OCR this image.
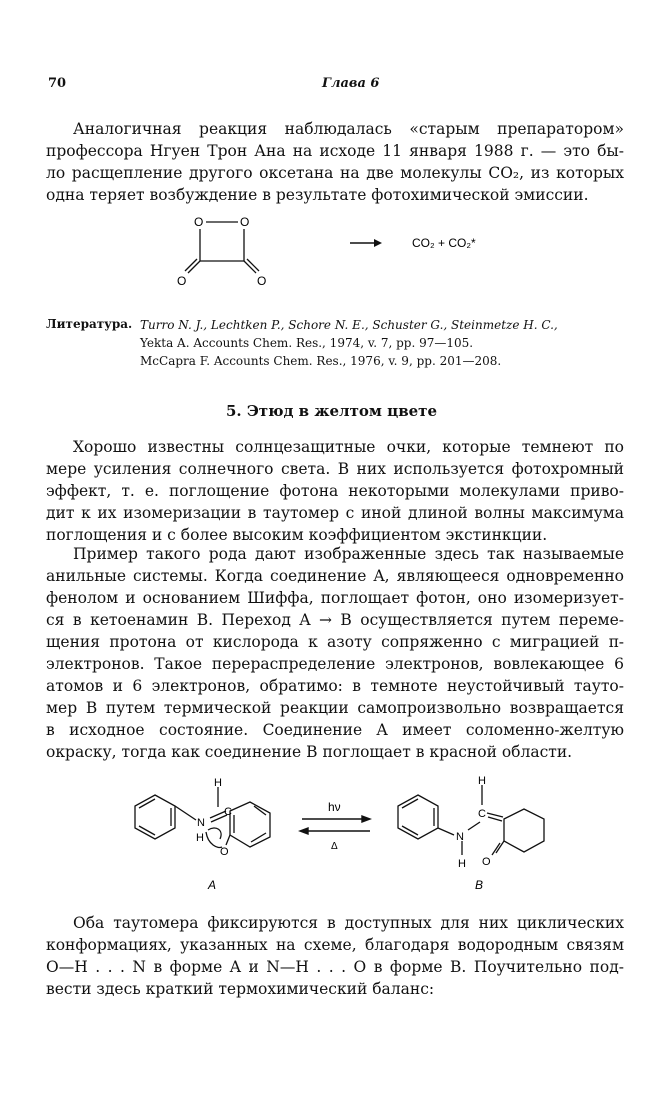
70	Глава 6
Аналогичная реакция наблюдалась «старым препаратором»
профессора Нгуен Трон Ана на исходе 11 января 1988 г. — это бы-
ло расщепление другого оксетана на две молекулы CO₂, из которых
одна теряет возбуждение в результате фотохимической эмиссии.
O	O
O	O
CO₂ + CO₂*
Литература. Turro N. J., Lechtken P., Schore N. E., Schuster G., Steinmetze H. C.,
Yekta A. Accounts Chem. Res., 1974, v. 7, pp. 97—105.
McCapra F. Accounts Chem. Res., 1976, v. 9, pp. 201—208.
5. Этюд в желтом цвете
Хорошо известны солнцезащитные очки, которые темнеют по
мере усиления солнечного света. В них используется фотохромный
эффект, т. е. поглощение фотона некоторыми молекулами приво-
дит к их изомеризации в таутомер с иной длиной волны максимума
поглощения и с более высоким коэффициентом экстинкции.
Пример такого рода дают изображенные здесь так называемые
анильные системы. Когда соединение A, являющееся одновременно
фенолом и основанием Шиффа, поглощает фотон, оно изомеризует-
ся в кетоенамин B. Переход A → B осуществляется путем переме-
щения протона от кислорода к азоту сопряженно с миграцией π-
электронов. Такое перераспределение электронов, вовлекающее 6
атомов и 6 электронов, обратимо: в темноте неустойчивый тауто-
мер B путем термической реакции самопроизвольно возвращается
в исходное состояние. Соединение A имеет соломенно-желтую
окраску, тогда как соединение B поглощает в красной области.
H
N
C
H
O
A
hν
Δ
H
C
N
H O
B
Оба таутомера фиксируются в доступных для них циклических
конформациях, указанных на схеме, благодаря водородным связям
O—H . . . N в форме A и N—H . . . O в форме B. Поучительно под-
вести здесь краткий термохимический баланс:
